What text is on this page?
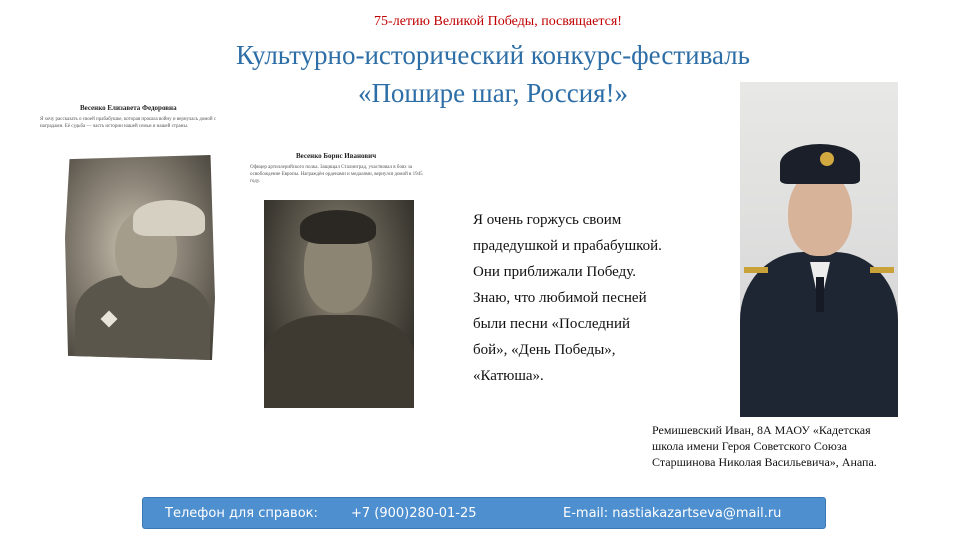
75-летию Великой Победы, посвящается!
Культурно-исторический конкурс-фестиваль
«Пошире шаг, Россия!»
Весенко Елизавета Федоровна
Я хочу рассказать о своей прабабушке, которая прошла войну и вернулась домой с наградами. Её судьба — часть истории нашей семьи и нашей страны.
Весенко Борис Иванович
Офицер артиллерийского полка. Защищал Сталинград, участвовал в боях за освобождение Европы. Награждён орденами и медалями, вернулся домой в 1945 году.

Я очень горжусь своим

прадедушкой и прабабушкой.

Они приближали Победу.

Знаю, что любимой песней

были песни «Последний

бой», «День Победы»,

«Катюша».

Ремишевский Иван, 8А МАОУ «Кадетская
школа имени Героя Советского Союза
Старшинова Николая Васильевича», Анапа.
Телефон для справок:	+7 (900)280-01-25	E-mail: nastiakazartseva@mail.ru
